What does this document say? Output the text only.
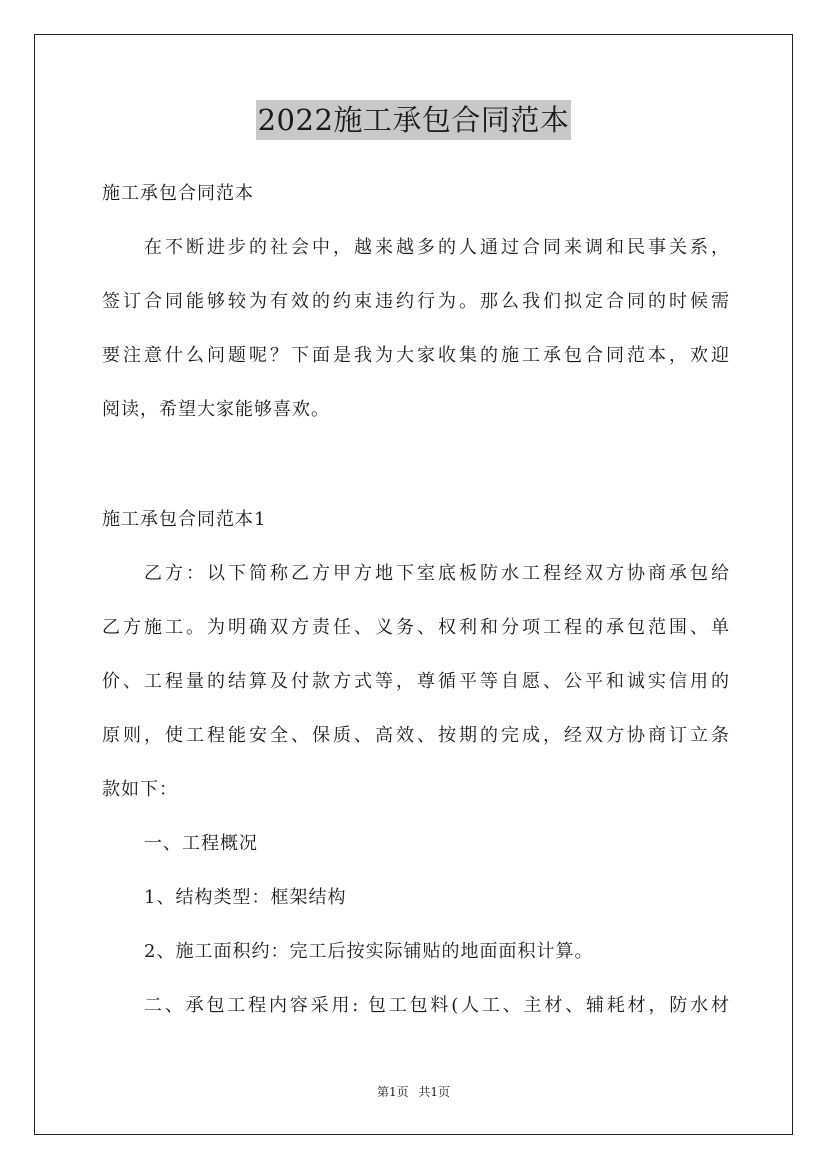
2022施工承包合同范本
施工承包合同范本
在不断进步的社会中，越来越多的人通过合同来调和民事关系，
签订合同能够较为有效的约束违约行为。那么我们拟定合同的时候需
要注意什么问题呢？下面是我为大家收集的施工承包合同范本，欢迎
阅读，希望大家能够喜欢。
施工承包合同范本1
乙方：以下简称乙方甲方地下室底板防水工程经双方协商承包给
乙方施工。为明确双方责任、义务、权利和分项工程的承包范围、单
价、工程量的结算及付款方式等，尊循平等自愿、公平和诚实信用的
原则，使工程能安全、保质、高效、按期的完成，经双方协商订立条
款如下：
一、工程概况
1、结构类型：框架结构
2、施工面积约：完工后按实际铺贴的地面面积计算。
二、承包工程内容采用: 包工包料(人工、主材、辅耗材，防水材
第1页 共1页
